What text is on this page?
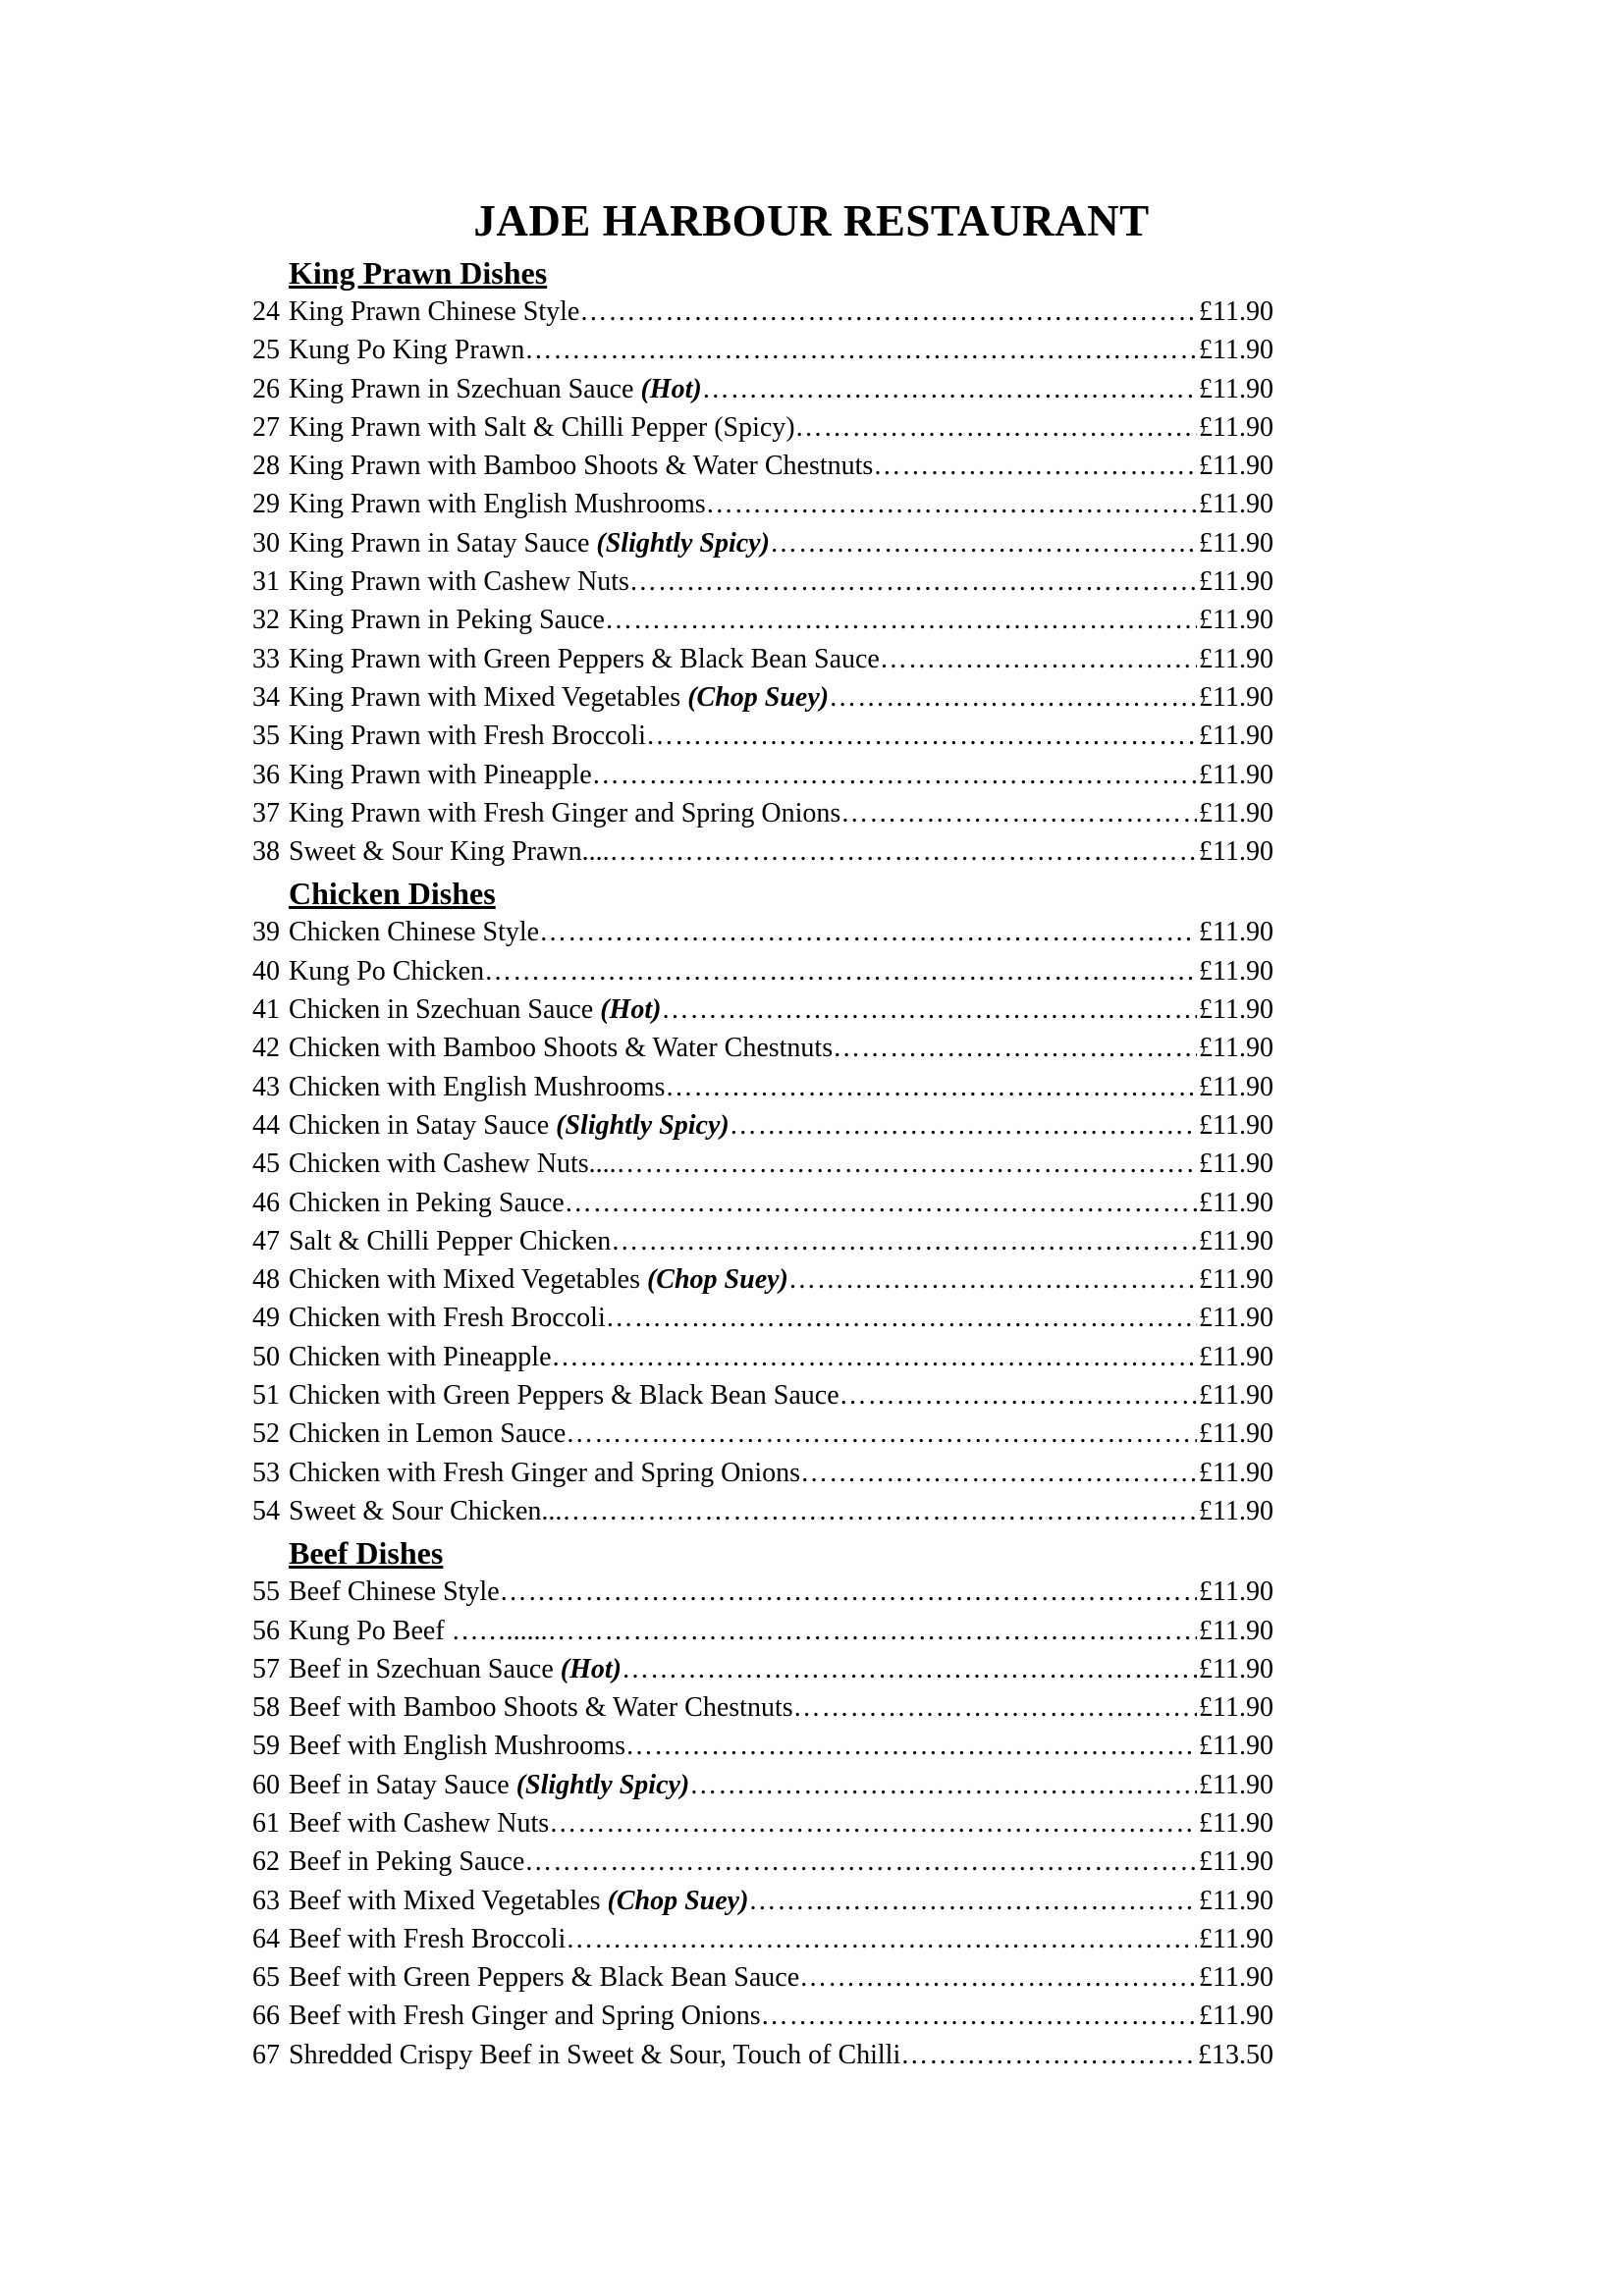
JADE HARBOUR RESTAURANT
King Prawn Dishes
24 King Prawn Chinese Style ……………………………………………………………………………………………………………………………………………………………………………	£11.90
25 Kung Po King Prawn ……………………………………………………………………………………………………………………………………………………………………………	£11.90
26 King Prawn in Szechuan Sauce (Hot) ……………………………………………………………………………………………………………………………………………………………………………	£11.90
27 King Prawn with Salt & Chilli Pepper (Spicy) ……………………………………………………………………………………………………………………………………………………………………………	£11.90
28 King Prawn with Bamboo Shoots & Water Chestnuts ……………………………………………………………………………………………………………………………………………………………………………	£11.90
29 King Prawn with English Mushrooms ……………………………………………………………………………………………………………………………………………………………………………	£11.90
30 King Prawn in Satay Sauce (Slightly Spicy) ……………………………………………………………………………………………………………………………………………………………………………	£11.90
31 King Prawn with Cashew Nuts ……………………………………………………………………………………………………………………………………………………………………………	£11.90
32 King Prawn in Peking Sauce ……………………………………………………………………………………………………………………………………………………………………………	£11.90
33 King Prawn with Green Peppers & Black Bean Sauce ……………………………………………………………………………………………………………………………………………………………………………	£11.90
34 King Prawn with Mixed Vegetables (Chop Suey) ……………………………………………………………………………………………………………………………………………………………………………	£11.90
35 King Prawn with Fresh Broccoli ……………………………………………………………………………………………………………………………………………………………………………	£11.90
36 King Prawn with Pineapple ……………………………………………………………………………………………………………………………………………………………………………	£11.90
37 King Prawn with Fresh Ginger and Spring Onions ……………………………………………………………………………………………………………………………………………………………………………	£11.90
38 Sweet & Sour King Prawn.... ……………………………………………………………………………………………………………………………………………………………………………	£11.90
Chicken Dishes
39 Chicken Chinese Style ……………………………………………………………………………………………………………………………………………………………………………	£11.90
40 Kung Po Chicken ……………………………………………………………………………………………………………………………………………………………………………	£11.90
41 Chicken in Szechuan Sauce (Hot) ……………………………………………………………………………………………………………………………………………………………………………	£11.90
42 Chicken with Bamboo Shoots & Water Chestnuts ……………………………………………………………………………………………………………………………………………………………………………	£11.90
43 Chicken with English Mushrooms ……………………………………………………………………………………………………………………………………………………………………………	£11.90
44 Chicken in Satay Sauce (Slightly Spicy) ……………………………………………………………………………………………………………………………………………………………………………	£11.90
45 Chicken with Cashew Nuts.... ……………………………………………………………………………………………………………………………………………………………………………	£11.90
46 Chicken in Peking Sauce ……………………………………………………………………………………………………………………………………………………………………………	£11.90
47 Salt & Chilli Pepper Chicken ……………………………………………………………………………………………………………………………………………………………………………	£11.90
48 Chicken with Mixed Vegetables (Chop Suey) ……………………………………………………………………………………………………………………………………………………………………………	£11.90
49 Chicken with Fresh Broccoli ……………………………………………………………………………………………………………………………………………………………………………	£11.90
50 Chicken with Pineapple ……………………………………………………………………………………………………………………………………………………………………………	£11.90
51 Chicken with Green Peppers & Black Bean Sauce ……………………………………………………………………………………………………………………………………………………………………………	£11.90
52 Chicken in Lemon Sauce ……………………………………………………………………………………………………………………………………………………………………………	£11.90
53 Chicken with Fresh Ginger and Spring Onions ……………………………………………………………………………………………………………………………………………………………………………	£11.90
54 Sweet & Sour Chicken... ……………………………………………………………………………………………………………………………………………………………………………	£11.90
Beef Dishes
55 Beef Chinese Style ……………………………………………………………………………………………………………………………………………………………………………	£11.90
56 Kung Po Beef ……...... ……………………………………………………………………………………………………………………………………………………………………………	£11.90
57 Beef in Szechuan Sauce (Hot) ……………………………………………………………………………………………………………………………………………………………………………	£11.90
58 Beef with Bamboo Shoots & Water Chestnuts ……………………………………………………………………………………………………………………………………………………………………………	£11.90
59 Beef with English Mushrooms ……………………………………………………………………………………………………………………………………………………………………………	£11.90
60 Beef in Satay Sauce (Slightly Spicy) ……………………………………………………………………………………………………………………………………………………………………………	£11.90
61 Beef with Cashew Nuts ……………………………………………………………………………………………………………………………………………………………………………	£11.90
62 Beef in Peking Sauce ……………………………………………………………………………………………………………………………………………………………………………	£11.90
63 Beef with Mixed Vegetables (Chop Suey) ……………………………………………………………………………………………………………………………………………………………………………	£11.90
64 Beef with Fresh Broccoli ……………………………………………………………………………………………………………………………………………………………………………	£11.90
65 Beef with Green Peppers & Black Bean Sauce ……………………………………………………………………………………………………………………………………………………………………………	£11.90
66 Beef with Fresh Ginger and Spring Onions ……………………………………………………………………………………………………………………………………………………………………………	£11.90
67 Shredded Crispy Beef in Sweet & Sour, Touch of Chilli ……………………………………………………………………………………………………………………………………………………………………………	£13.50
